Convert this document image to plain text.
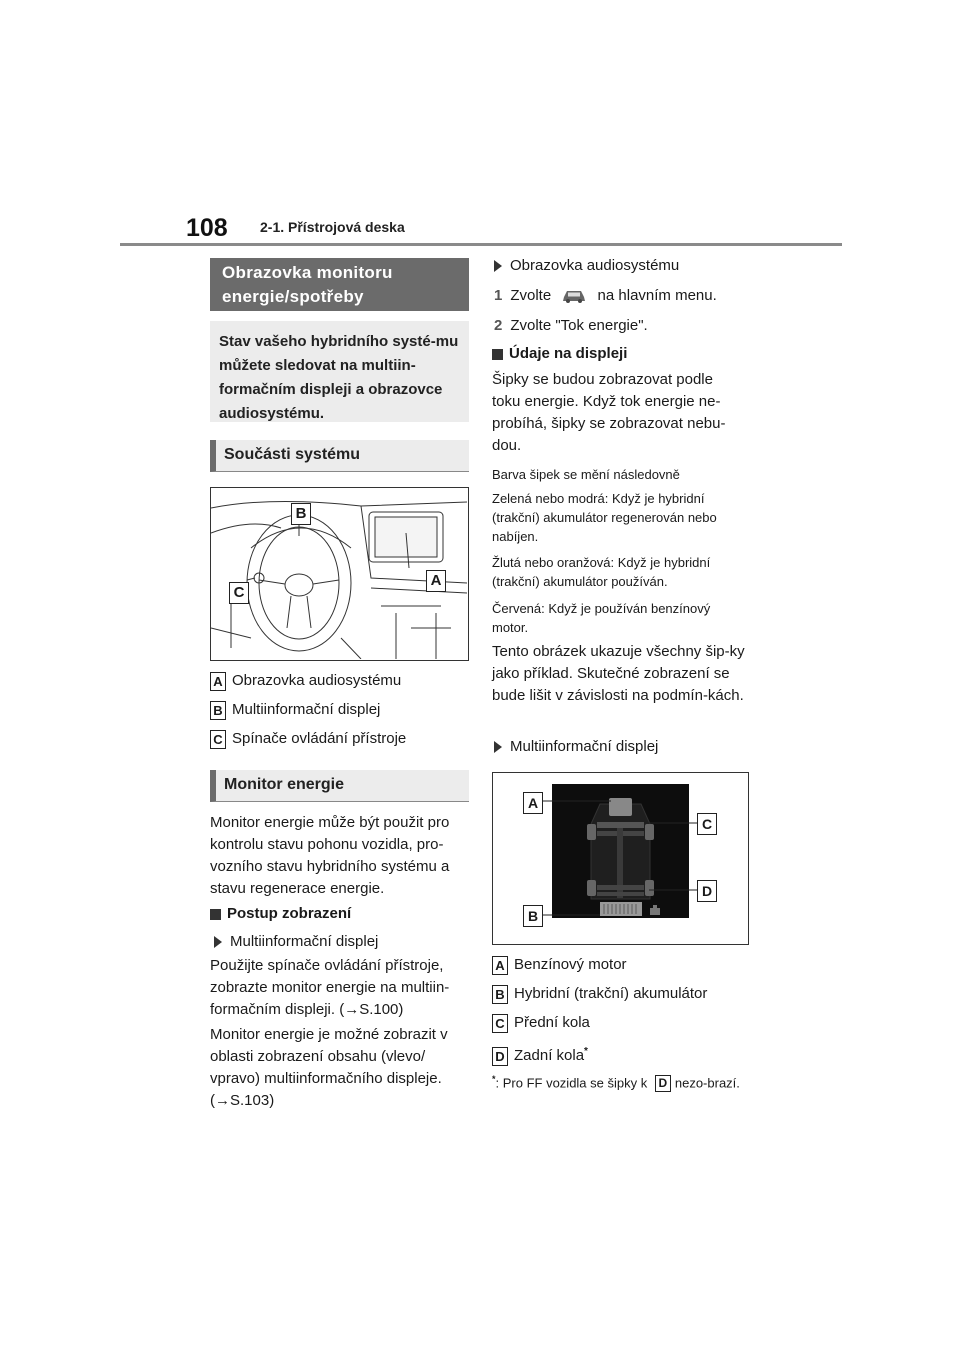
108 2-1. Přístrojová deska
Obrazovka monitoru energie/spotřeby
Stav vašeho hybridního systé-mu můžete sledovat na multiin-formačním displeji a obrazovce audiosystému.
Součásti systému
B
A
C
A Obrazovka audiosystému
B Multiinformační displej
C Spínače ovládání přístroje
Monitor energie
Monitor energie může být použit pro kontrolu stavu pohonu vozidla, pro-vozního stavu hybridního systému a stavu regenerace energie.
Postup zobrazení
Multiinformační displej
Použijte spínače ovládání přístroje, zobrazte monitor energie na multiin-formačním displeji. (→S.100)
Monitor energie je možné zobrazit v oblasti zobrazení obsahu (vlevo/ vpravo) multiinformačního displeje. (→S.103)
Obrazovka audiosystému
1 Zvolte	na hlavním menu.
2 Zvolte "Tok energie".
Údaje na displeji
Šipky se budou zobrazovat podle toku energie. Když tok energie ne-probíhá, šipky se zobrazovat nebu-dou.
Barva šipek se mění následovně
Zelená nebo modrá: Když je hybridní (trakční) akumulátor regenerován nebo nabíjen.
Žlutá nebo oranžová: Když je hybridní (trakční) akumulátor používán.
Červená: Když je používán benzínový motor.
Tento obrázek ukazuje všechny šip-ky jako příklad. Skutečné zobrazení se bude lišit v závislosti na podmín-kách.
Multiinformační displej
A
B
C
D
A Benzínový motor
B Hybridní (trakční) akumulátor
C Přední kola
D Zadní kola*
*: Pro FF vozidla se šipky k D nezo-brazí.
